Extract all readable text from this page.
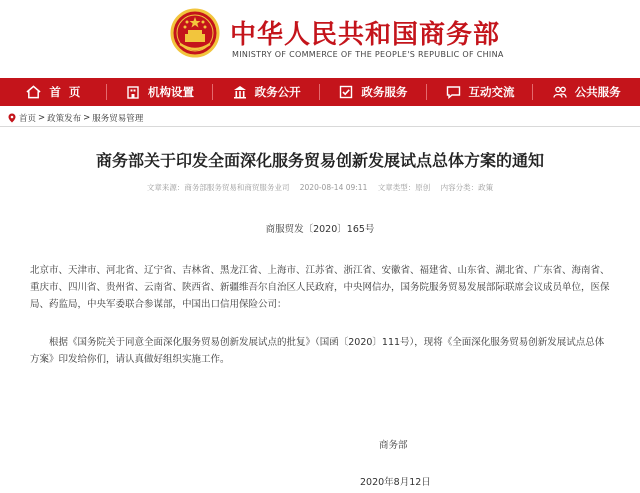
中华人民共和国商务部
MINISTRY OF COMMERCE OF THE PEOPLE'S REPUBLIC OF CHINA
首  页	机构设置	政务公开	政务服务	互动交流	公共服务
首页 > 政策发布 > 服务贸易管理
商务部关于印发全面深化服务贸易创新发展试点总体方案的通知
文章来源：商务部服务贸易和商贸服务业司 2020-08-14 09:11 文章类型：原创 内容分类：政策
商服贸发〔2020〕165号
北京市、天津市、河北省、辽宁省、吉林省、黑龙江省、上海市、江苏省、浙江省、安徽省、福建省、山东省、湖北省、广东省、海南省、重庆市、四川省、贵州省、云南省、陕西省、新疆维吾尔自治区人民政府，中央网信办，国务院服务贸易发展部际联席会议成员单位，医保局、药监局，中央军委联合参谋部，中国出口信用保险公司：
根据《国务院关于同意全面深化服务贸易创新发展试点的批复》（国函〔2020〕111号），现将《全面深化服务贸易创新发展试点总体方案》印发给你们，请认真做好组织实施工作。
商务部
2020年8月12日
